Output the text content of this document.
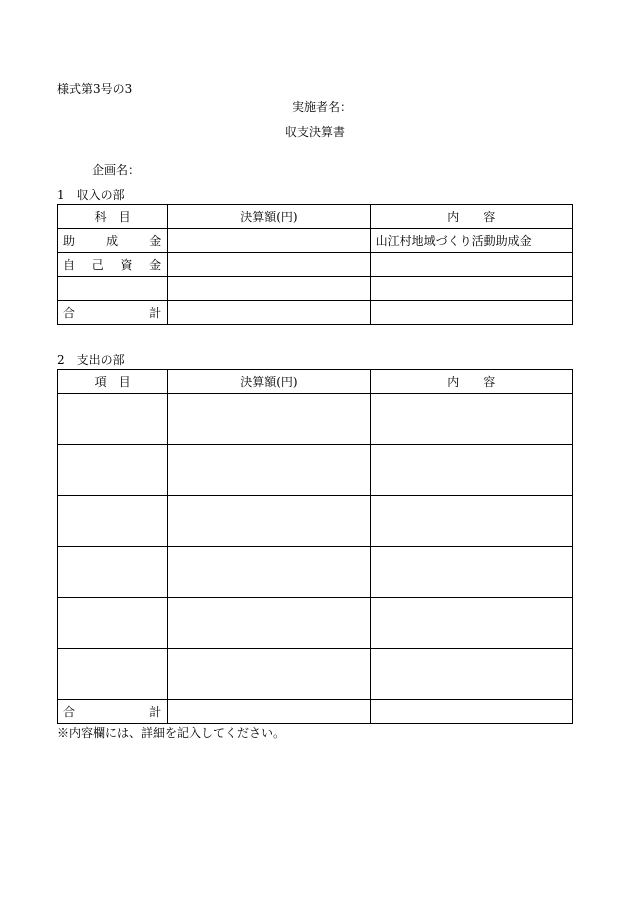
様式第3号の3
実施者名：
収支決算書
企画名：
1　収入の部
科　目	決算額(円)	内　　容

助 成 金		山江村地域づくり活動助成金

自 己 資 金		

合 計		

2　支出の部
項　目	決算額(円)	内　　容

合 計		

※内容欄には、詳細を記入してください。
